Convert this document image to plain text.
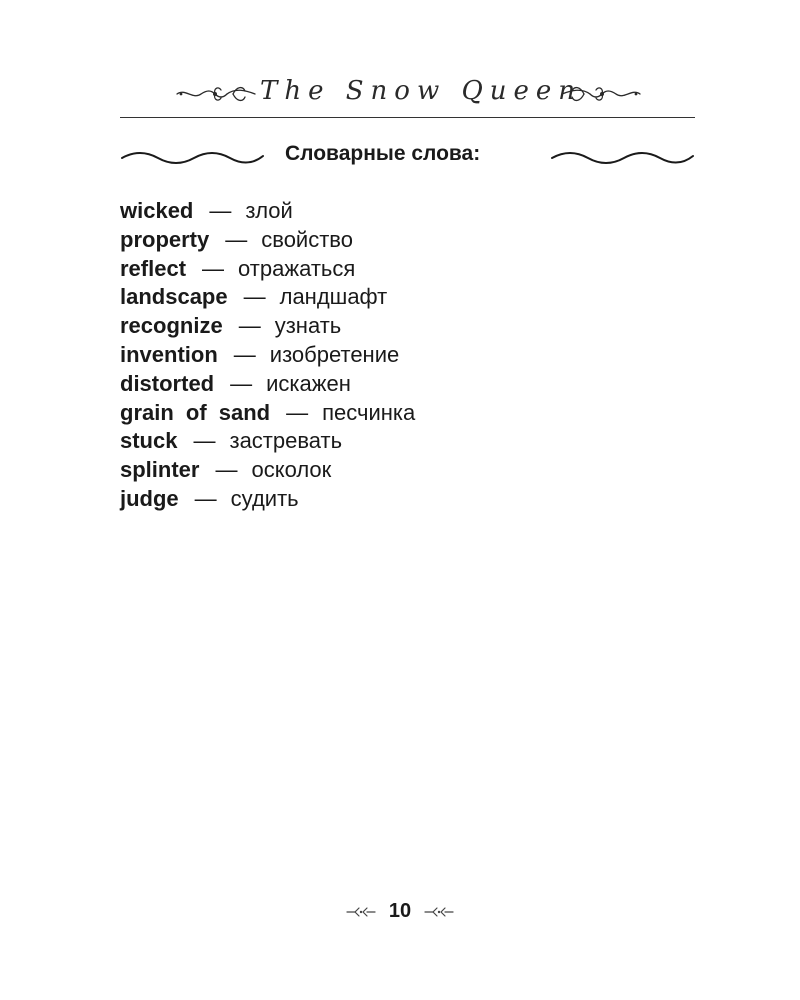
The Snow Queen
Словарные слова:
wicked — злой
property — свойство
reflect — отражаться
landscape — ландшафт
recognize — узнать
invention — изобретение
distorted — искажен
grain of sand — песчинка
stuck — застревать
splinter — осколок
judge — судить
10
